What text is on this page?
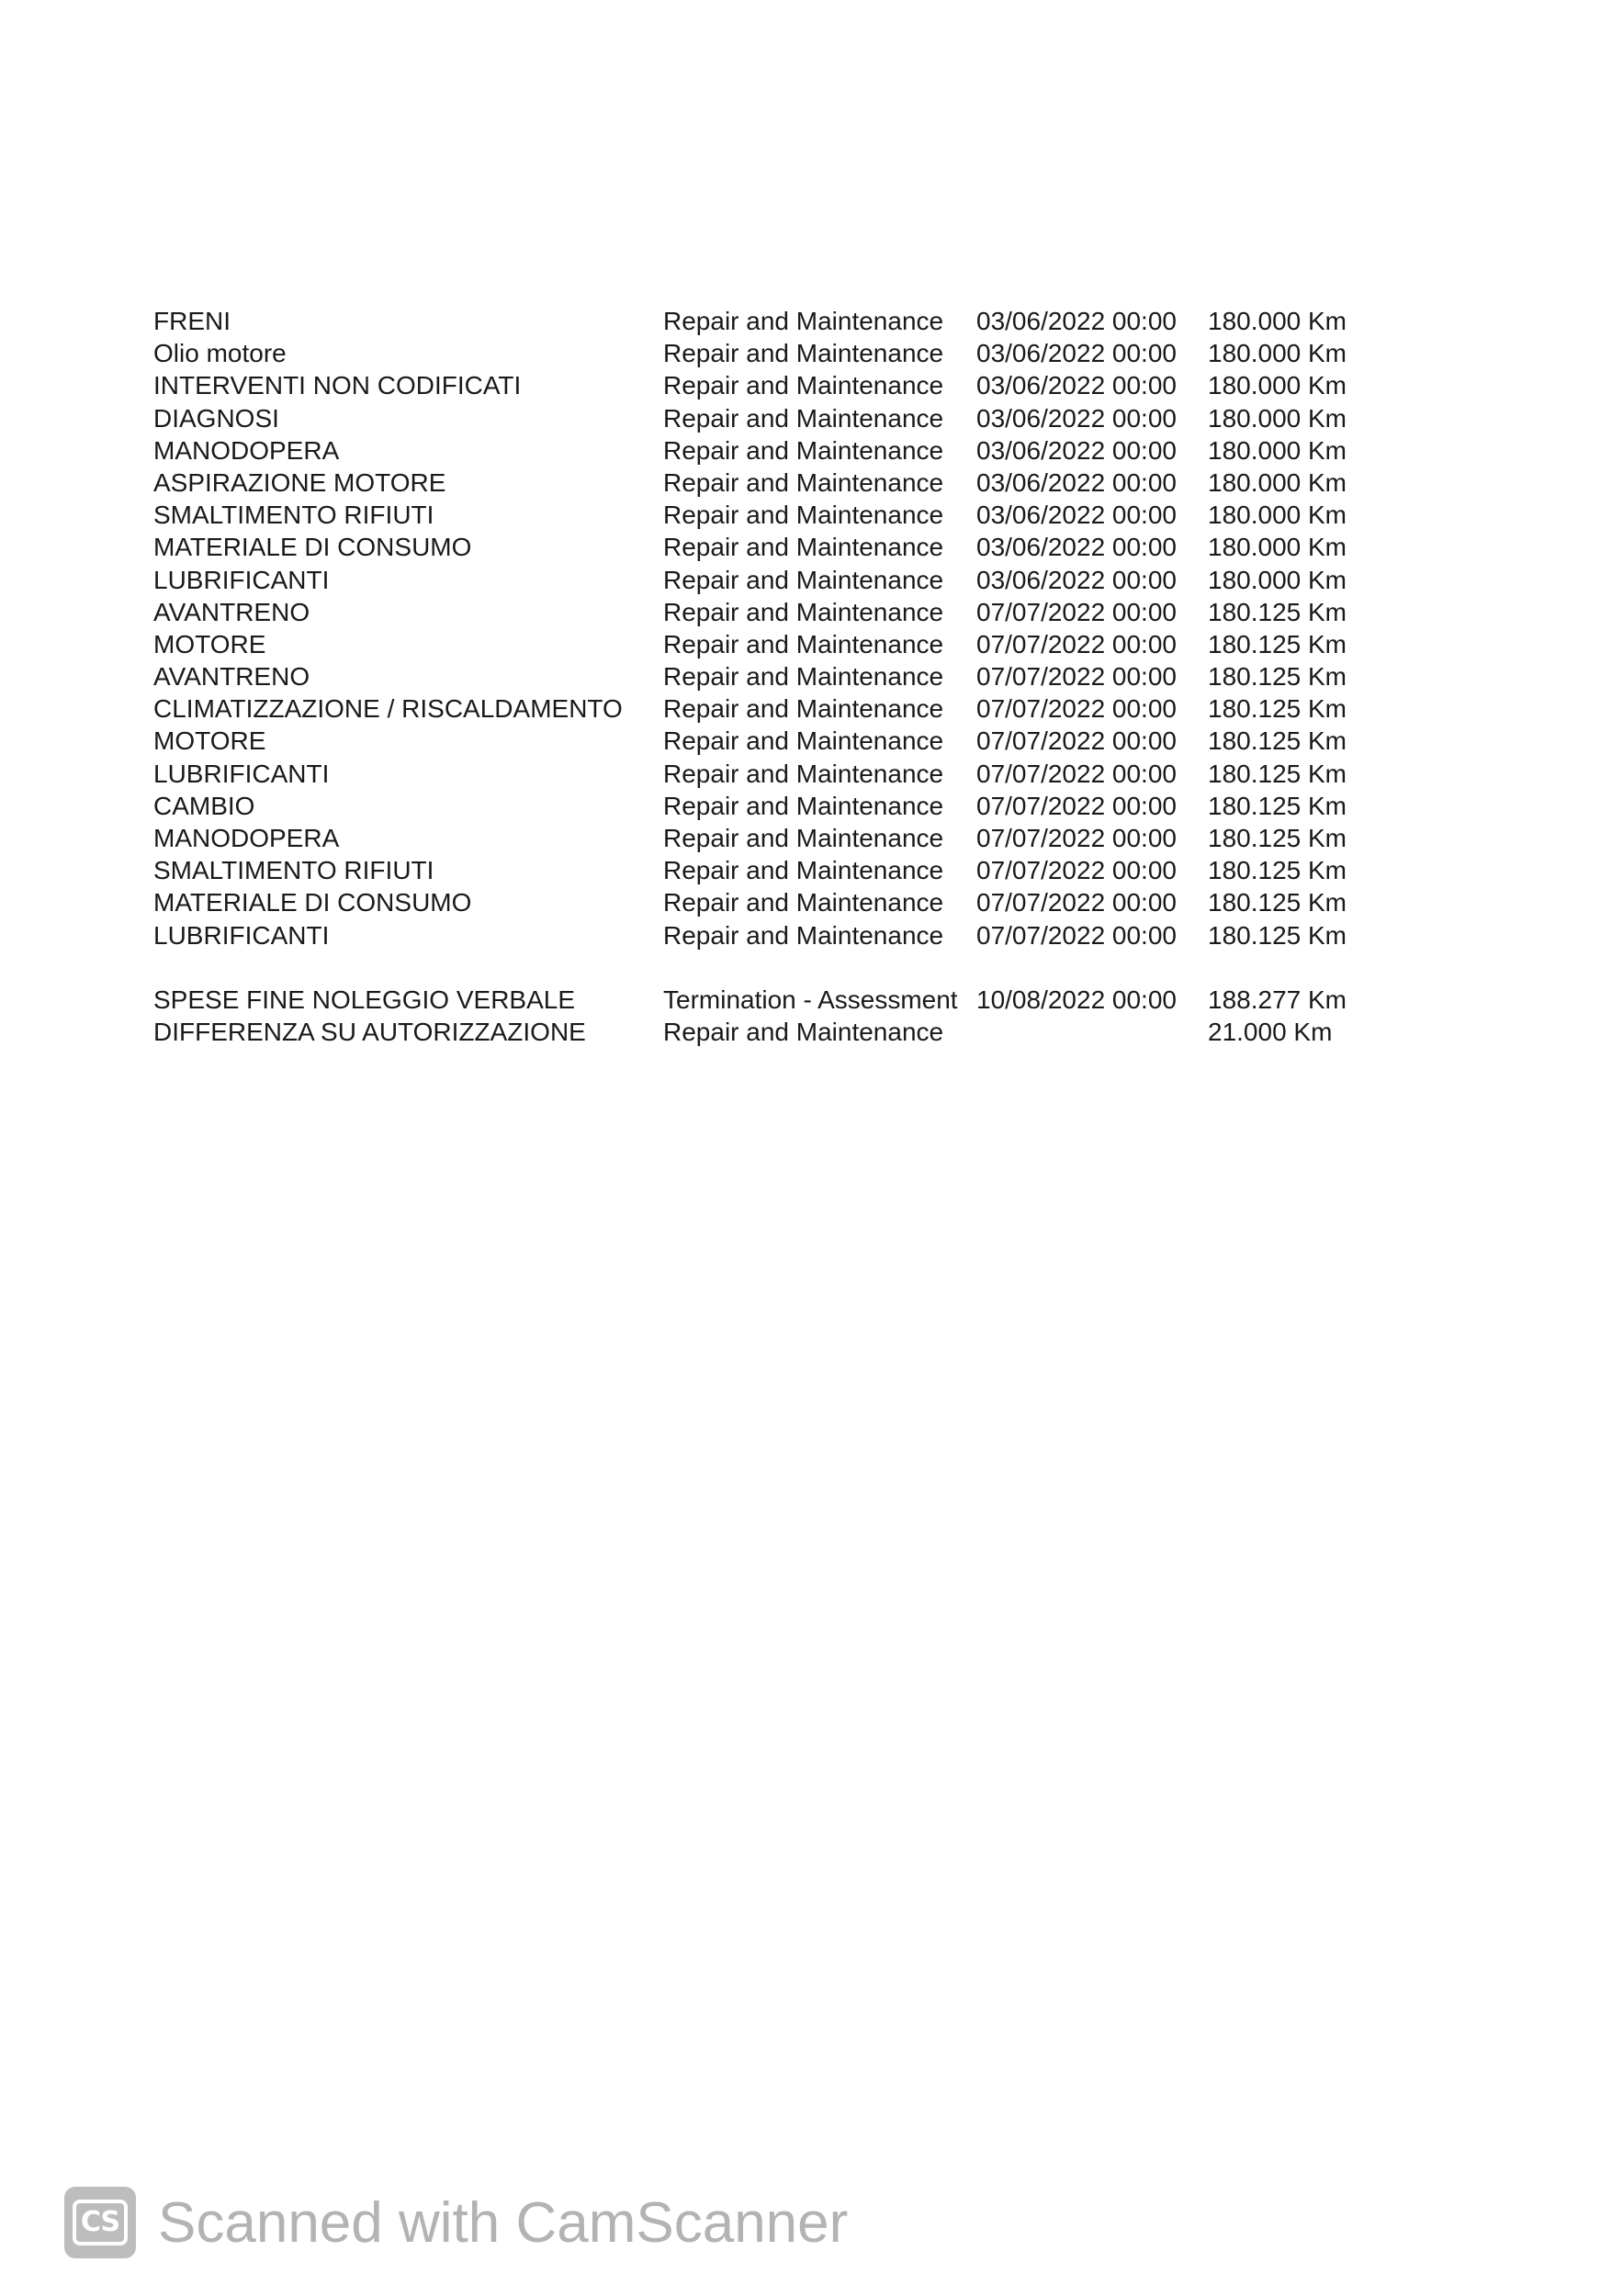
FRENI	Repair and Maintenance 03/06/2022 00:00 180.000 Km
Olio motore	Repair and Maintenance 03/06/2022 00:00 180.000 Km
INTERVENTI NON CODIFICATI	Repair and Maintenance 03/06/2022 00:00 180.000 Km
DIAGNOSI	Repair and Maintenance 03/06/2022 00:00 180.000 Km
MANODOPERA	Repair and Maintenance 03/06/2022 00:00 180.000 Km
ASPIRAZIONE MOTORE	Repair and Maintenance 03/06/2022 00:00 180.000 Km
SMALTIMENTO RIFIUTI	Repair and Maintenance 03/06/2022 00:00 180.000 Km
MATERIALE DI CONSUMO	Repair and Maintenance 03/06/2022 00:00 180.000 Km
LUBRIFICANTI	Repair and Maintenance 03/06/2022 00:00 180.000 Km
AVANTRENO	Repair and Maintenance 07/07/2022 00:00 180.125 Km
MOTORE	Repair and Maintenance 07/07/2022 00:00 180.125 Km
AVANTRENO	Repair and Maintenance 07/07/2022 00:00 180.125 Km
CLIMATIZZAZIONE / RISCALDAMENTO Repair and Maintenance 07/07/2022 00:00 180.125 Km
MOTORE	Repair and Maintenance 07/07/2022 00:00 180.125 Km
LUBRIFICANTI	Repair and Maintenance 07/07/2022 00:00 180.125 Km
CAMBIO	Repair and Maintenance 07/07/2022 00:00 180.125 Km
MANODOPERA	Repair and Maintenance 07/07/2022 00:00 180.125 Km
SMALTIMENTO RIFIUTI	Repair and Maintenance 07/07/2022 00:00 180.125 Km
MATERIALE DI CONSUMO	Repair and Maintenance 07/07/2022 00:00 180.125 Km
LUBRIFICANTI	Repair and Maintenance 07/07/2022 00:00 180.125 Km
SPESE FINE NOLEGGIO VERBALE	Termination - Assessment 10/08/2022 00:00 188.277 Km
DIFFERENZA SU AUTORIZZAZIONE	Repair and Maintenance	21.000 Km
CS Scanned with CamScanner
